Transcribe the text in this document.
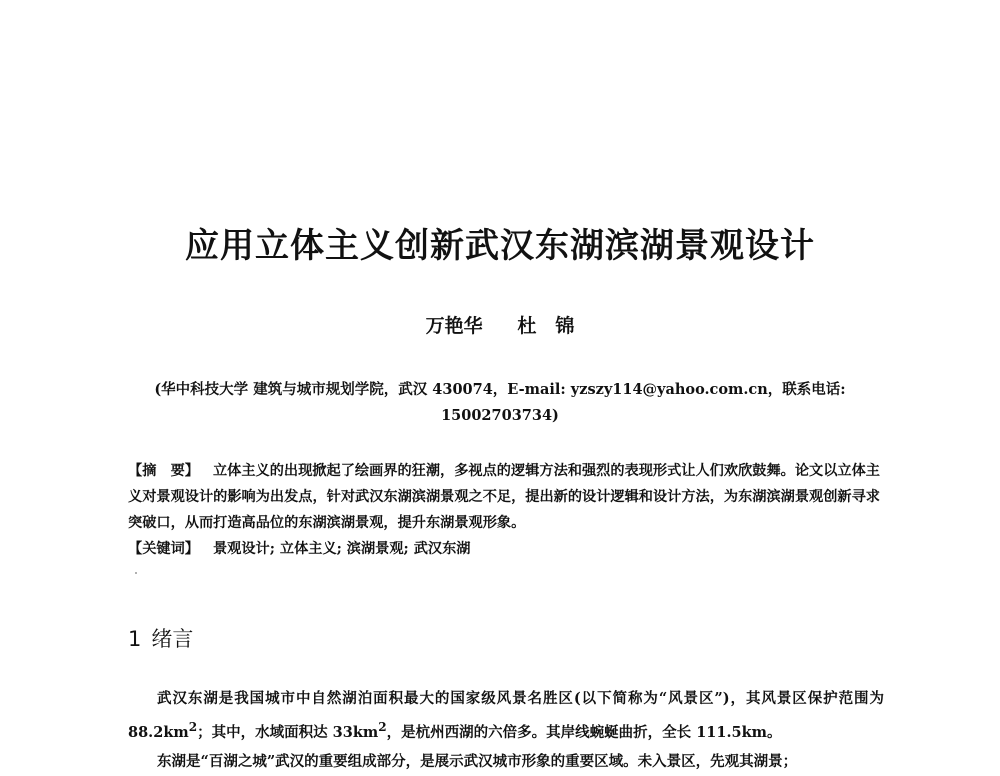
应用立体主义创新武汉东湖滨湖景观设计
万艳华 杜　锦
(华中科技大学 建筑与城市规划学院，武汉 430074，E-mail: yzszy114@yahoo.com.cn，联系电话:
15002703734)
【摘　要】 立体主义的出现掀起了绘画界的狂潮，多视点的逻辑方法和强烈的表现形式让人们欢欣鼓舞。论文以立体主义对景观设计的影响为出发点，针对武汉东湖滨湖景观之不足，提出新的设计逻辑和设计方法，为东湖滨湖景观创新寻求突破口，从而打造高品位的东湖滨湖景观，提升东湖景观形象。
【关键词】 景观设计; 立体主义; 滨湖景观; 武汉东湖
1 绪言

武汉东湖是我国城市中自然湖泊面积最大的国家级风景名胜区(以下简称为“风景区”)，其风景区保护范围为 $88.2km^2$；其中，水域面积达 $33km^2$，是杭州西湖的六倍多。其岸线蜿蜒曲折，全长 111.5km。

东湖是“百湖之城”武汉的重要组成部分，是展示武汉城市形象的重要区域。未入景区，先观其湖景；
